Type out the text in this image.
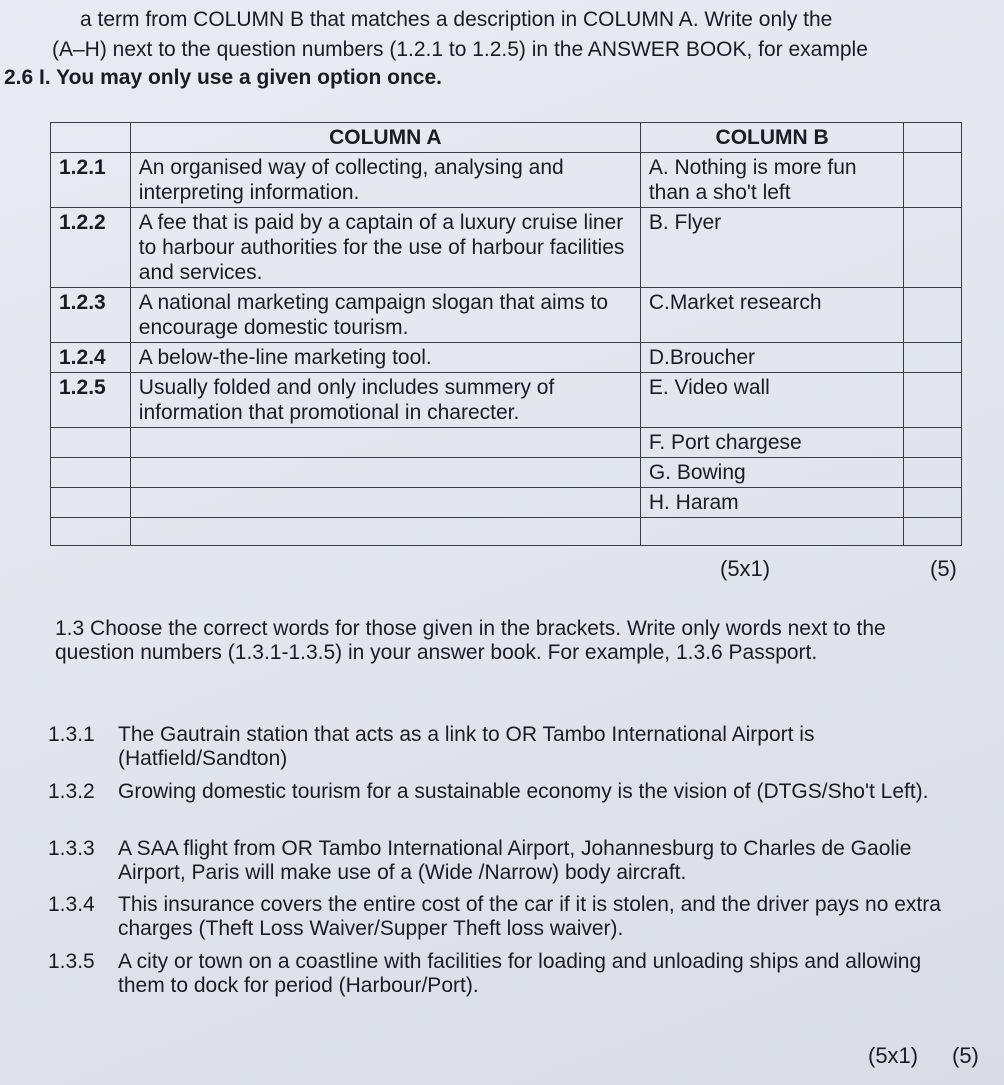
a term from COLUMN B that matches a description in COLUMN A. Write only the
(A–H) next to the question numbers (1.2.1 to 1.2.5) in the ANSWER BOOK, for example
2.6 I. You may only use a given option once.
	COLUMN A	COLUMN B	
1.2.1	An organised way of collecting, analysing and interpreting information.	A. Nothing is more fun than a sho't left	
1.2.2	A fee that is paid by a captain of a luxury cruise liner to harbour authorities for the use of harbour facilities and services.	B. Flyer	
1.2.3	A national marketing campaign slogan that aims to encourage domestic tourism.	C.Market research	
1.2.4	A below-the-line marketing tool.	D.Broucher	
1.2.5	Usually folded and only includes summery of information that promotional in charecter.	E. Video wall	
		F. Port chargese	
		G. Bowing	
		H. Haram	

(5x1)	(5)
1.3 Choose the correct words for those given in the brackets. Write only words next to the question numbers (1.3.1-1.3.5) in your answer book. For example, 1.3.6 Passport.
1.3.1 The Gautrain station that acts as a link to OR Tambo International Airport is (Hatfield/Sandton)
1.3.2 Growing domestic tourism for a sustainable economy is the vision of (DTGS/Sho't Left).
1.3.3 A SAA flight from OR Tambo International Airport, Johannesburg to Charles de Gaolie Airport, Paris will make use of a (Wide /Narrow) body aircraft.
1.3.4 This insurance covers the entire cost of the car if it is stolen, and the driver pays no extra charges (Theft Loss Waiver/Supper Theft loss waiver).
1.3.5 A city or town on a coastline with facilities for loading and unloading ships and allowing them to dock for period (Harbour/Port).
(5x1) (5)
